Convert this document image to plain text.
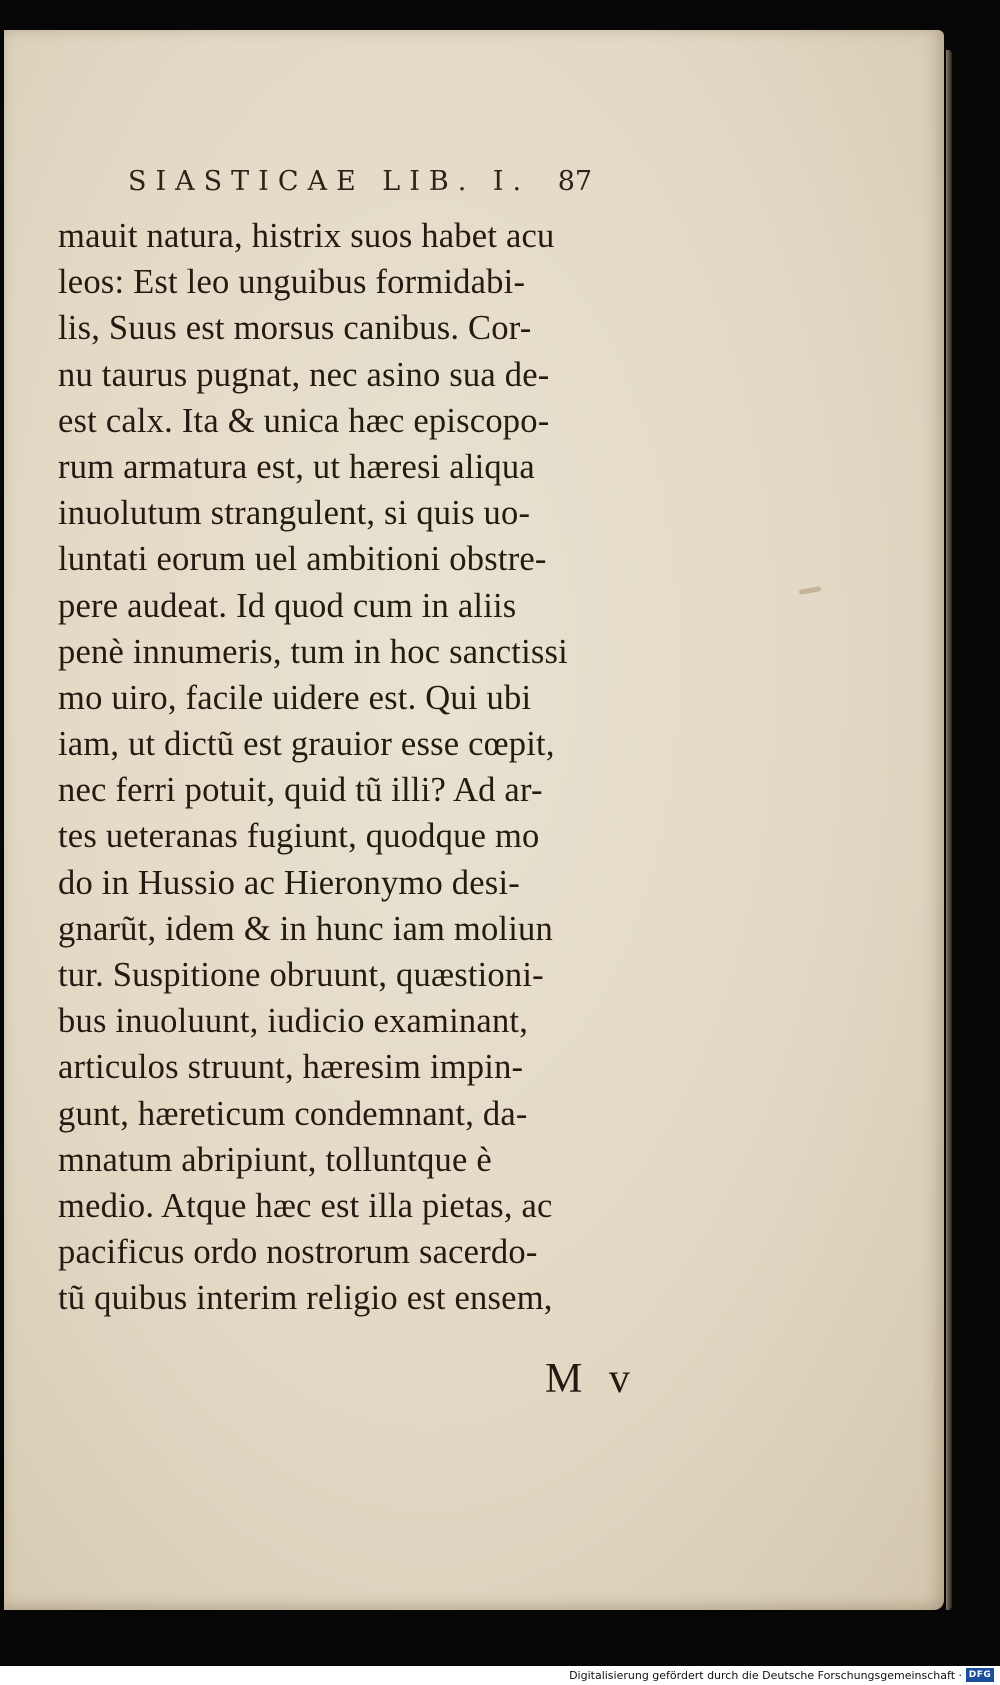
SIASTICAE LIB. I. 87
mauit natura, histrix suos habet acu
leos: Est leo unguibus formidabi-
lis, Suus est morsus canibus. Cor-
nu taurus pugnat, nec asino sua de-
est calx. Ita & unica hæc episcopo-
rum armatura est, ut hæresi aliqua
inuolutum strangulent, si quis uo-
luntati eorum uel ambitioni obstre-
pere audeat. Id quod cum in aliis
penè innumeris, tum in hoc sanctissi
mo uiro, facile uidere est. Qui ubi
iam, ut dictũ est grauior esse cœpit,
nec ferri potuit, quid tũ illi? Ad ar-
tes ueteranas fugiunt, quodque mo
do in Hussio ac Hieronymo desi-
gnarũt, idem & in hunc iam moliun
tur. Suspitione obruunt, quæstioni-
bus inuoluunt, iudicio examinant,
articulos struunt, hæresim impin-
gunt, hæreticum condemnant, da-
mnatum abripiunt, tolluntque è
medio. Atque hæc est illa pietas, ac
pacificus ordo nostrorum sacerdo-
tũ quibus interim religio est ensem,
M v
Digitalisierung gefördert durch die Deutsche Forschungsgemeinschaft · DFG
